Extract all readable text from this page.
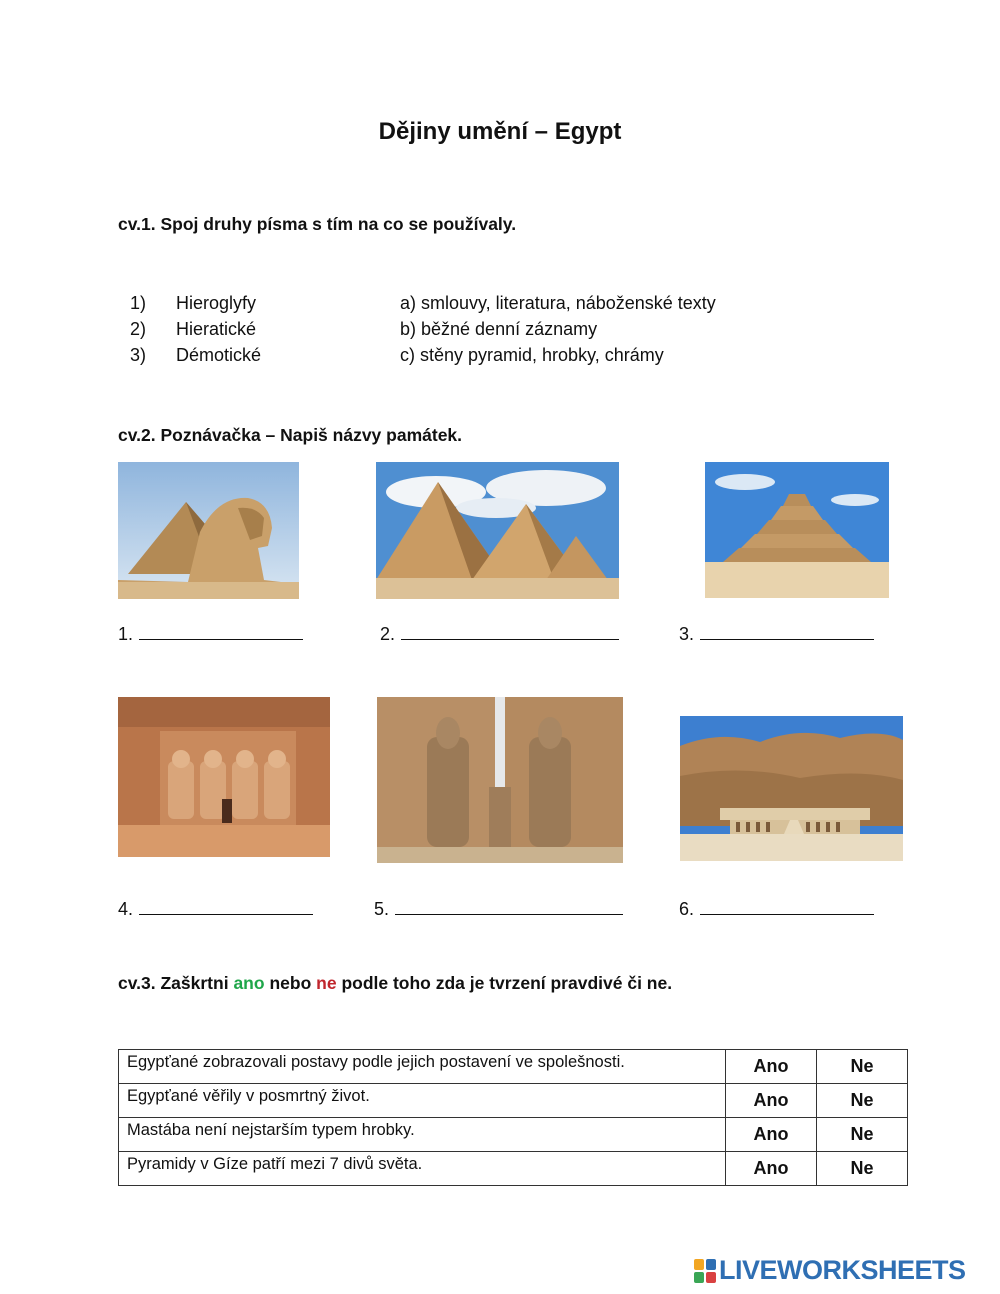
Dějiny umění – Egypt
cv.1. Spoj druhy písma s tím na co se používaly.
1) Hieroglyfy	a) smlouvy, literatura, náboženské texty
2) Hieratické	b) běžné denní záznamy
3) Démotické	c) stěny pyramid, hrobky, chrámy
cv.2. Poznávačka – Napiš názvy památek.
1.	2.	3.
4.	5.	6.
cv.3. Zaškrtni ano nebo ne podle toho zda je tvrzení pravdivé či ne.
Egypťané zobrazovali postavy podle jejich postavení ve spolešnosti.	Ano	Ne
Egypťané věřily v posmrtný život.	Ano	Ne
Mastába není nejstarším typem hrobky.	Ano	Ne
Pyramidy v Gíze patří mezi 7 divů světa.	Ano	Ne
LIVEWORKSHEETS
